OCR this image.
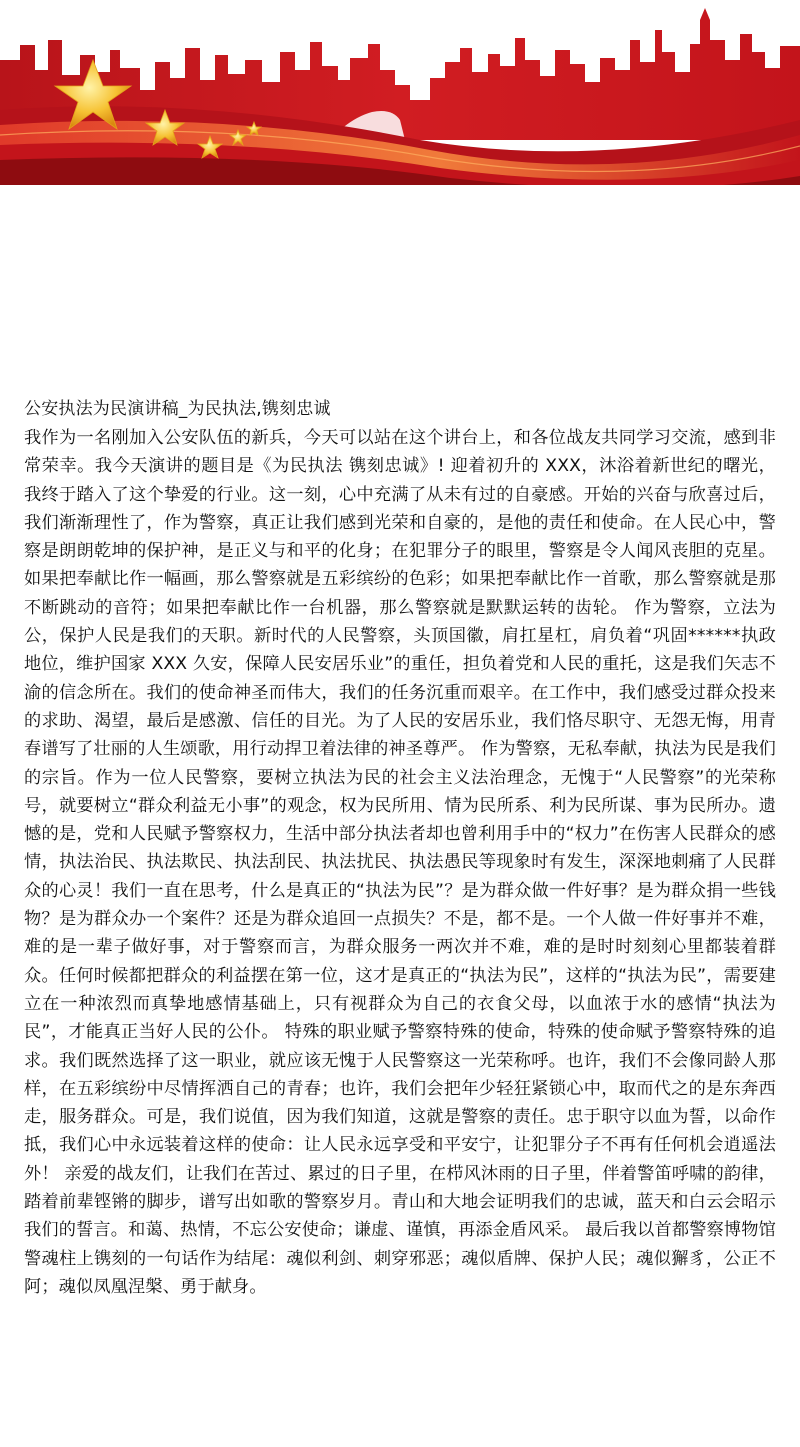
公安执法为民演讲稿_为民执法,镌刻忠诚

我作为一名刚加入公安队伍的新兵，今天可以站在这个讲台上，和各位战友共同学习交流，感到非常荣幸。我今天演讲的题目是《为民执法 镌刻忠诚》! 迎着初升的 XXX，沐浴着新世纪的曙光，我终于踏入了这个挚爱的行业。这一刻，心中充满了从未有过的自豪感。开始的兴奋与欣喜过后，我们渐渐理性了，作为警察，真正让我们感到光荣和自豪的，是他的责任和使命。在人民心中，警察是朗朗乾坤的保护神，是正义与和平的化身；在犯罪分子的眼里，警察是令人闻风丧胆的克星。如果把奉献比作一幅画，那么警察就是五彩缤纷的色彩；如果把奉献比作一首歌，那么警察就是那不断跳动的音符；如果把奉献比作一台机器，那么警察就是默默运转的齿轮。 作为警察，立法为公，保护人民是我们的天职。新时代的人民警察，头顶国徽，肩扛星杠，肩负着“巩固******执政地位，维护国家 XXX 久安，保障人民安居乐业”的重任，担负着党和人民的重托，这是我们矢志不渝的信念所在。我们的使命神圣而伟大，我们的任务沉重而艰辛。在工作中，我们感受过群众投来的求助、渴望，最后是感激、信任的目光。为了人民的安居乐业，我们恪尽职守、无怨无悔，用青春谱写了壮丽的人生颂歌，用行动捍卫着法律的神圣尊严。 作为警察，无私奉献，执法为民是我们的宗旨。作为一位人民警察，要树立执法为民的社会主义法治理念，无愧于“人民警察”的光荣称号，就要树立“群众利益无小事”的观念，权为民所用、情为民所系、利为民所谋、事为民所办。遗憾的是，党和人民赋予警察权力，生活中部分执法者却也曾利用手中的“权力”在伤害人民群众的感情，执法治民、执法欺民、执法刮民、执法扰民、执法愚民等现象时有发生，深深地刺痛了人民群众的心灵！我们一直在思考，什么是真正的“执法为民”？是为群众做一件好事？是为群众捐一些钱物？是为群众办一个案件？还是为群众追回一点损失？不是，都不是。一个人做一件好事并不难，难的是一辈子做好事，对于警察而言，为群众服务一两次并不难，难的是时时刻刻心里都装着群众。任何时候都把群众的利益摆在第一位，这才是真正的“执法为民”，这样的“执法为民”，需要建立在一种浓烈而真挚地感情基础上，只有视群众为自己的衣食父母，以血浓于水的感情“执法为民”，才能真正当好人民的公仆。 特殊的职业赋予警察特殊的使命，特殊的使命赋予警察特殊的追求。我们既然选择了这一职业，就应该无愧于人民警察这一光荣称呼。也许，我们不会像同龄人那样，在五彩缤纷中尽情挥洒自己的青春；也许，我们会把年少轻狂紧锁心中，取而代之的是东奔西走，服务群众。可是，我们说值，因为我们知道，这就是警察的责任。忠于职守以血为誓，以命作抵，我们心中永远装着这样的使命：让人民永远享受和平安宁，让犯罪分子不再有任何机会逍遥法外！ 亲爱的战友们，让我们在苦过、累过的日子里，在栉风沐雨的日子里，伴着警笛呼啸的韵律，踏着前辈铿锵的脚步，谱写出如歌的警察岁月。青山和大地会证明我们的忠诚，蓝天和白云会昭示我们的誓言。和蔼、热情，不忘公安使命；谦虚、谨慎，再添金盾风采。 最后我以首都警察博物馆警魂柱上镌刻的一句话作为结尾：魂似利剑、刺穿邪恶；魂似盾牌、保护人民；魂似獬豸，公正不阿；魂似凤凰涅槃、勇于献身。
